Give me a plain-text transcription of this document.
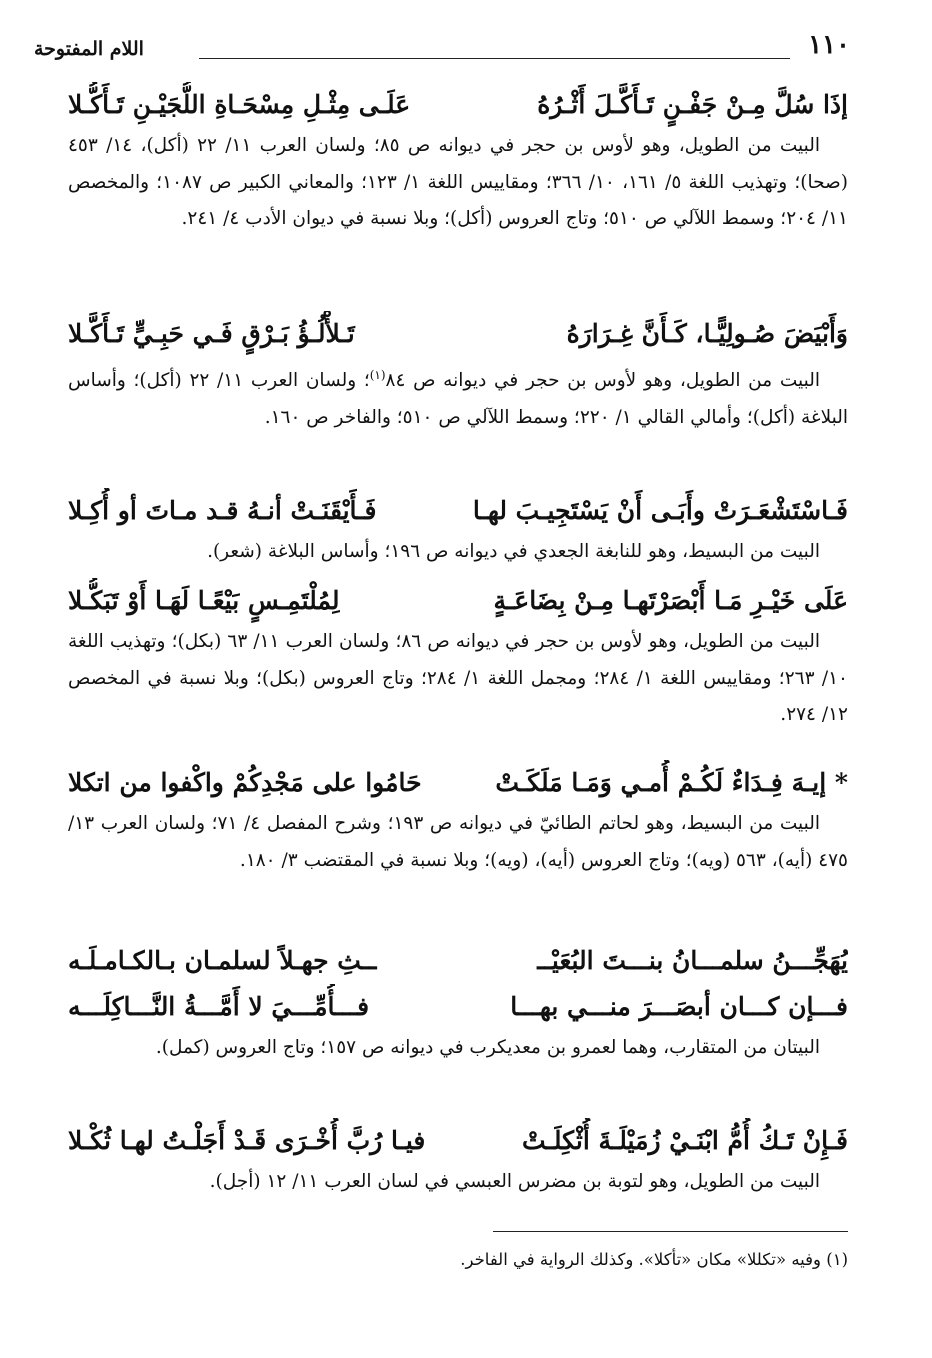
١١٠
اللام المفتوحة
إذَا سُلَّ مِـنْ جَفْـنٍ تَـأَكَّـلَ أَثْـرُهُ
عَلَـى مِثْـلِ مِسْحَـاةِ اللُّجَيْـنِ تَـأَكُّـلا

البيت من الطويل، وهو لأوس بن حجر في ديوانه ص ٨٥؛ ولسان العرب ١١/ ٢٢ (أكل)، ١٤/ ٤٥٣ (صحا)؛ وتهذيب اللغة ٥/ ١٦١، ١٠/ ٣٦٦؛ ومقاييس اللغة ١/ ١٢٣؛ والمعاني الكبير ص ١٠٨٧؛ والمخصص ١١/ ٢٠٤؛ وسمط اللآلي ص ٥١٠؛ وتاج العروس (أكل)؛ وبلا نسبة في ديوان الأدب ٤/ ٢٤١.

وَأَبْيَضَ صُـولِيًّـا، كَـأَنَّ غِـرَارَهُ
تَـلأْلُـؤُ بَـرْقٍ فَـي حَبِـيٍّ تَـأَكَّـلا

البيت من الطويل، وهو لأوس بن حجر في ديوانه ص ٨٤$^{(١)}$؛ ولسان العرب ١١/ ٢٢ (أكل)؛ وأساس البلاغة (أكل)؛ وأمالي القالي ١/ ٢٢٠؛ وسمط اللآلي ص ٥١٠؛ والفاخر ص ١٦٠.

فَـاسْتَشْعَـرَتْ وأَبَـى أَنْ يَسْتَجِيـبَ لهـا
فَـأَيْقَنَـتْ أنـهُ قـد مـاتَ أو أُكِـلا

البيت من البسيط، وهو للنابغة الجعدي في ديوانه ص ١٩٦؛ وأساس البلاغة (شعر).

عَلَى خَيْـرِ مَـا أَبْصَرْتَهـا مِـنْ بِضَاعَـةٍ
لِمُلْتَمِـسٍ بَيْعًـا لَهَـا أَوْ تَبَكُّـلا

البيت من الطويل، وهو لأوس بن حجر في ديوانه ص ٨٦؛ ولسان العرب ١١/ ٦٣ (بكل)؛ وتهذيب اللغة ١٠/ ٢٦٣؛ ومقاييس اللغة ١/ ٢٨٤؛ ومجمل اللغة ١/ ٢٨٤؛ وتاج العروس (بكل)؛ وبلا نسبة في المخصص ١٢/ ٢٧٤.

* إيـهَ فِـدَاءٌ لَكُـمْ أُمـي وَمَـا مَلَكَـتْ
حَامُوا على مَجْدِكُمْ واكْفوا من اتكلا

البيت من البسيط، وهو لحاتم الطائيّ في ديوانه ص ١٩٣؛ وشرح المفصل ٤/ ٧١؛ ولسان العرب ١٣/ ٤٧٥ (أيه)، ٥٦٣ (ويه)؛ وتاج العروس (أيه)، (ويه)؛ وبلا نسبة في المقتضب ٣/ ١٨٠.

يُهَجِّـــنُ سلمـــانُ بنـــتَ البُعَيْــ
ــثِ جهـلاً لسلمـان بـالكـامـلَـه
فـــإن كـــان أبصَـــرَ منـــي بهـــا
فـــأُمِّـــيَ لا أَمَّـــةُ النَّـــاكِلَـــه

البيتان من المتقارب، وهما لعمرو بن معديكرب في ديوانه ص ١٥٧؛ وتاج العروس (كمل).

فَـإِنْ تَـكُ أُمُّ ابْنَـيْ زُمَيْلَـةَ أُثْكِلَـتْ
فيـا رُبَّ أُخْـرَى قَـدْ أَجَلْـتُ لهـا ثُكْـلا

البيت من الطويل، وهو لتوبة بن مضرس العبسي في لسان العرب ١١/ ١٢ (أجل).

(١) وفيه «تكللا» مكان «تأكلا». وكذلك الرواية في الفاخر.
